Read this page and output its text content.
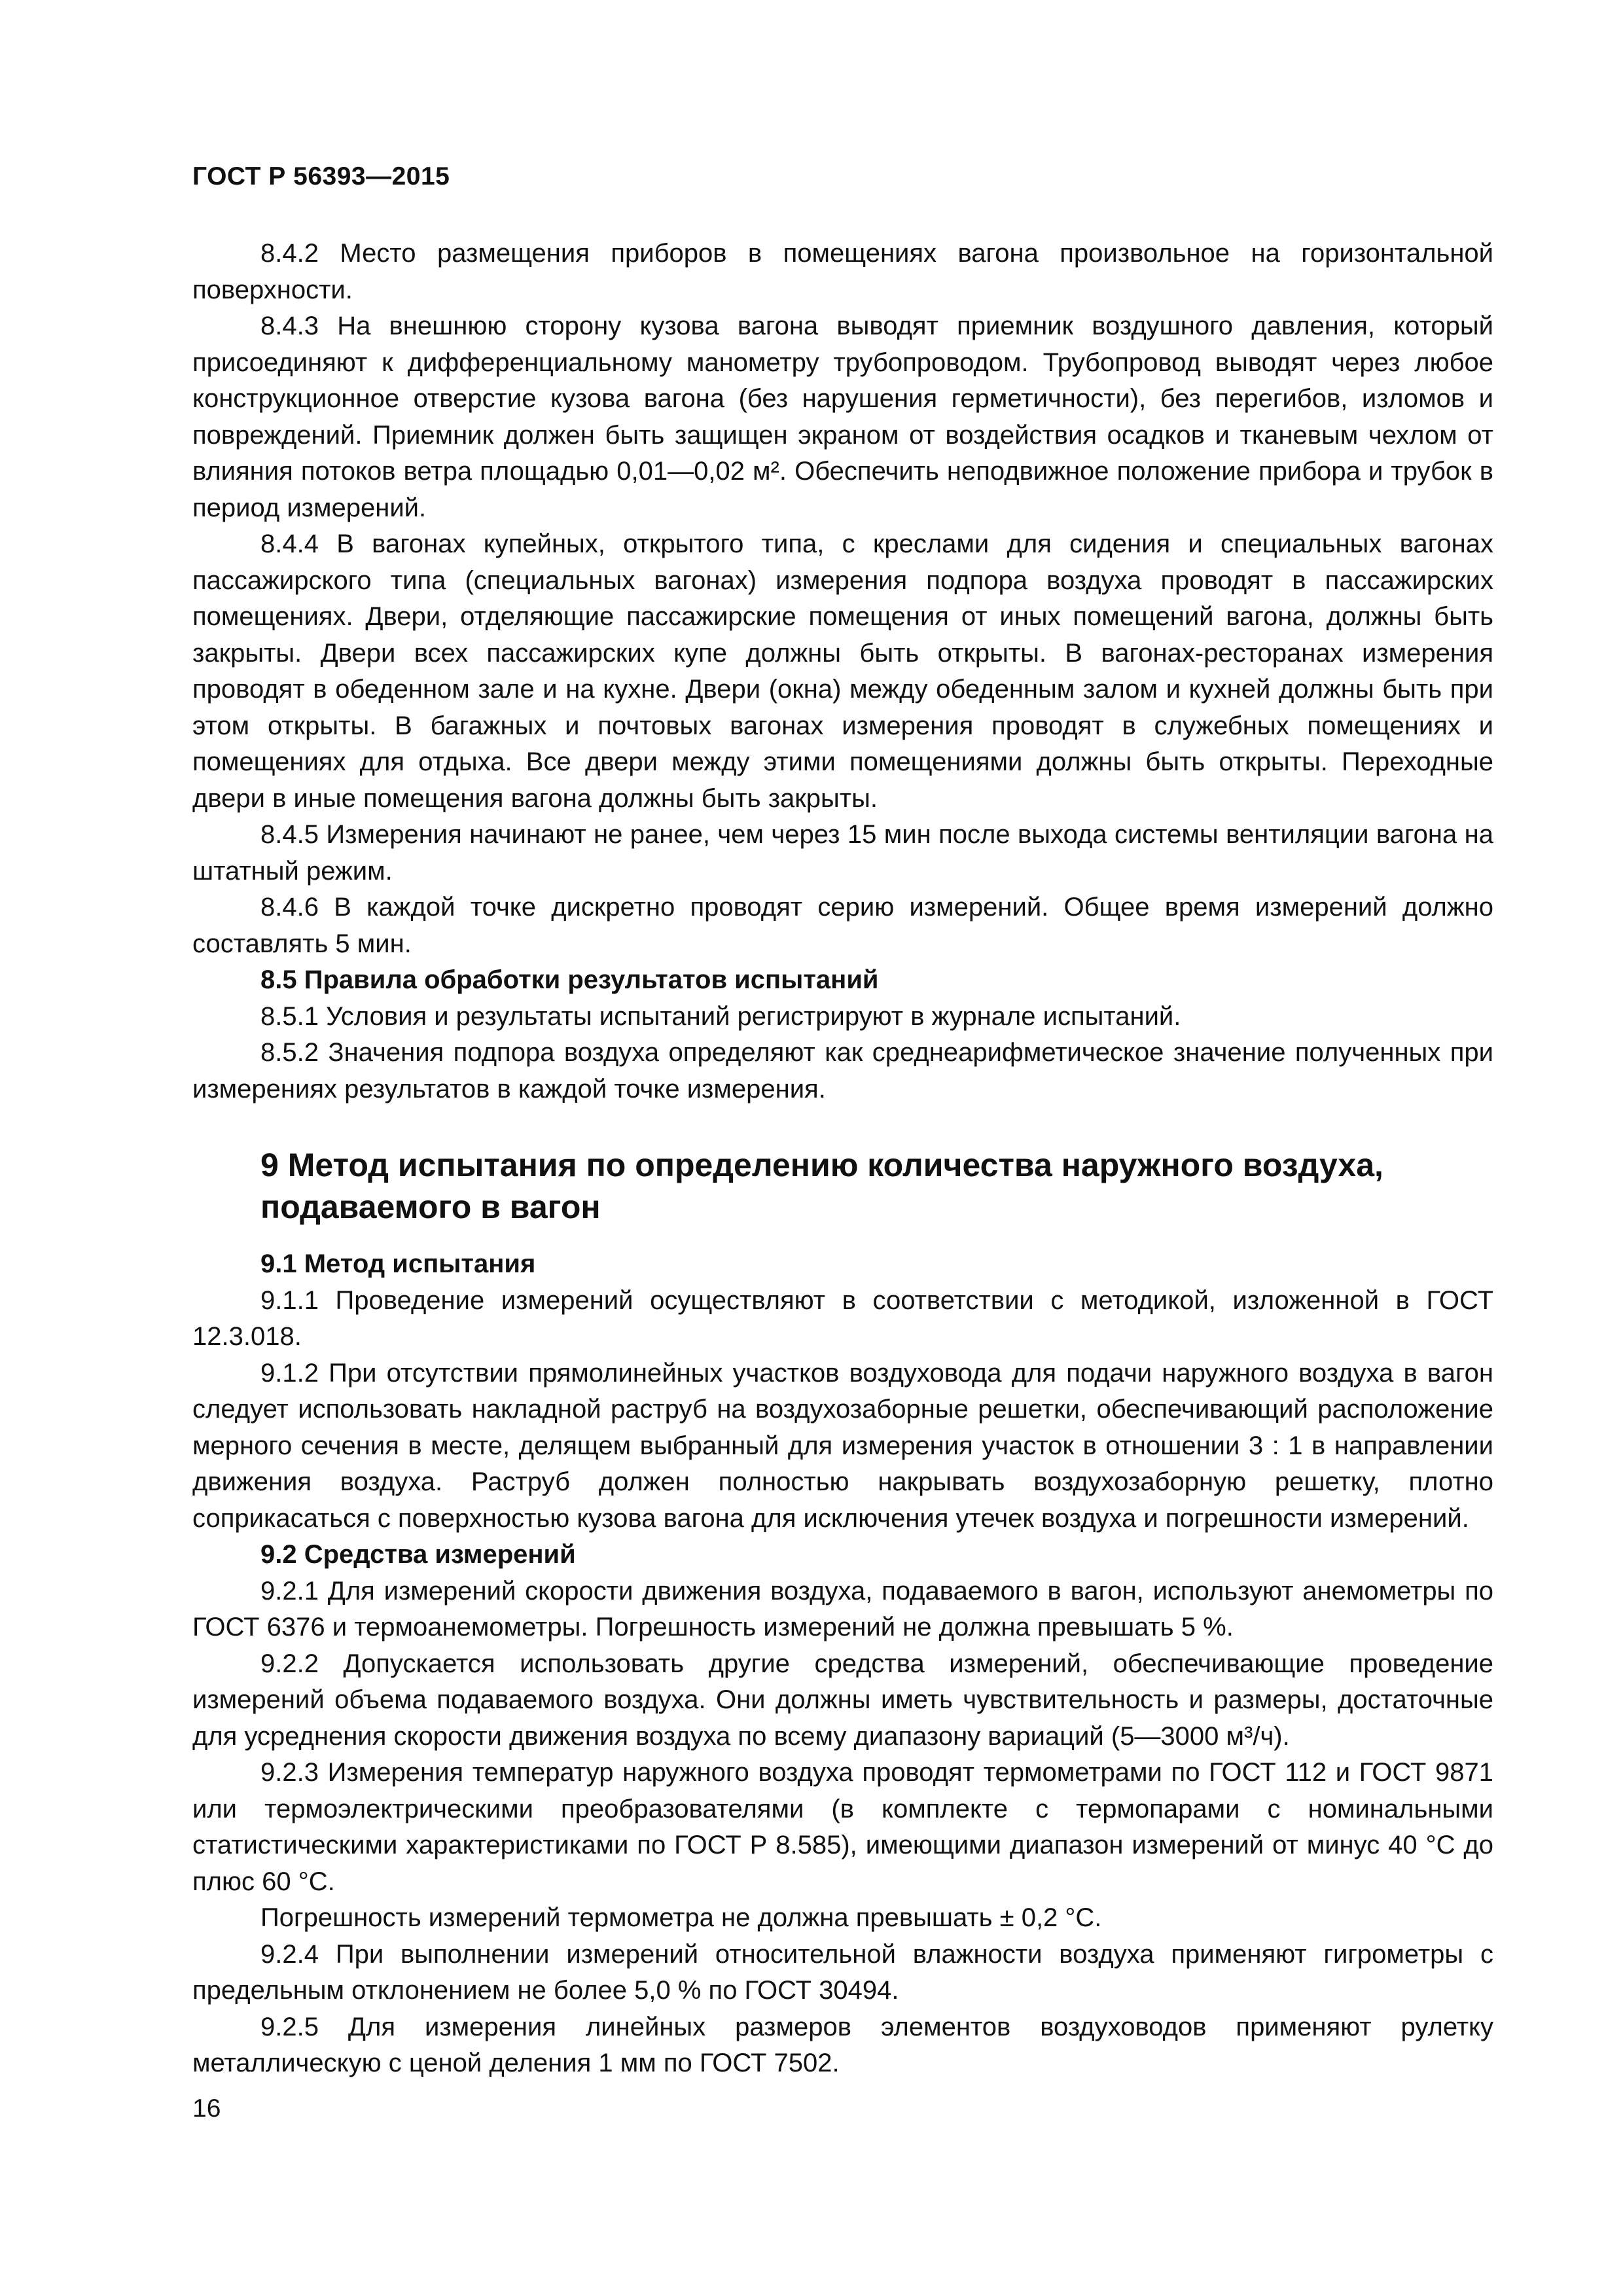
ГОСТ Р 56393—2015

8.4.2 Место размещения приборов в помещениях вагона произвольное на горизонтальной поверхности.

8.4.3 На внешнюю сторону кузова вагона выводят приемник воздушного давления, который присоединяют к дифференциальному манометру трубопроводом. Трубопровод выводят через любое конструкционное отверстие кузова вагона (без нарушения герметичности), без перегибов, изломов и повреждений. Приемник должен быть защищен экраном от воздействия осадков и тканевым чехлом от влияния потоков ветра площадью 0,01—0,02 м². Обеспечить неподвижное положение прибора и трубок в период измерений.

8.4.4 В вагонах купейных, открытого типа, с креслами для сидения и специальных вагонах пассажирского типа (специальных вагонах) измерения подпора воздуха проводят в пассажирских помещениях. Двери, отделяющие пассажирские помещения от иных помещений вагона, должны быть закрыты. Двери всех пассажирских купе должны быть открыты. В вагонах-ресторанах измерения проводят в обеденном зале и на кухне. Двери (окна) между обеденным залом и кухней должны быть при этом открыты. В багажных и почтовых вагонах измерения проводят в служебных помещениях и помещениях для отдыха. Все двери между этими помещениями должны быть открыты. Переходные двери в иные помещения вагона должны быть закрыты.

8.4.5 Измерения начинают не ранее, чем через 15 мин после выхода системы вентиляции вагона на штатный режим.

8.4.6 В каждой точке дискретно проводят серию измерений. Общее время измерений должно составлять 5 мин.

8.5 Правила обработки результатов испытаний

8.5.1 Условия и результаты испытаний регистрируют в журнале испытаний.

8.5.2 Значения подпора воздуха определяют как среднеарифметическое значение полученных при измерениях результатов в каждой точке измерения.

9 Метод испытания по определению количества наружного воздуха, подаваемого в вагон

9.1 Метод испытания

9.1.1 Проведение измерений осуществляют в соответствии с методикой, изложенной в ГОСТ 12.3.018.

9.1.2 При отсутствии прямолинейных участков воздуховода для подачи наружного воздуха в вагон следует использовать накладной раструб на воздухозаборные решетки, обеспечивающий расположение мерного сечения в месте, делящем выбранный для измерения участок в отношении 3 : 1 в направлении движения воздуха. Раструб должен полностью накрывать воздухозаборную решетку, плотно соприкасаться с поверхностью кузова вагона для исключения утечек воздуха и погрешности измерений.

9.2 Средства измерений

9.2.1 Для измерений скорости движения воздуха, подаваемого в вагон, используют анемометры по ГОСТ 6376 и термоанемометры. Погрешность измерений не должна превышать 5 %.

9.2.2 Допускается использовать другие средства измерений, обеспечивающие проведение измерений объема подаваемого воздуха. Они должны иметь чувствительность и размеры, достаточные для усреднения скорости движения воздуха по всему диапазону вариаций (5—3000 м³/ч).

9.2.3 Измерения температур наружного воздуха проводят термометрами по ГОСТ 112 и ГОСТ 9871 или термоэлектрическими преобразователями (в комплекте с термопарами с номинальными статистическими характеристиками по ГОСТ Р 8.585), имеющими диапазон измерений от минус 40 °С до плюс 60 °С.

Погрешность измерений термометра не должна превышать ± 0,2 °С.

9.2.4 При выполнении измерений относительной влажности воздуха применяют гигрометры с предельным отклонением не более 5,0 % по ГОСТ 30494.

9.2.5 Для измерения линейных размеров элементов воздуховодов применяют рулетку металлическую с ценой деления 1 мм по ГОСТ 7502.

16
